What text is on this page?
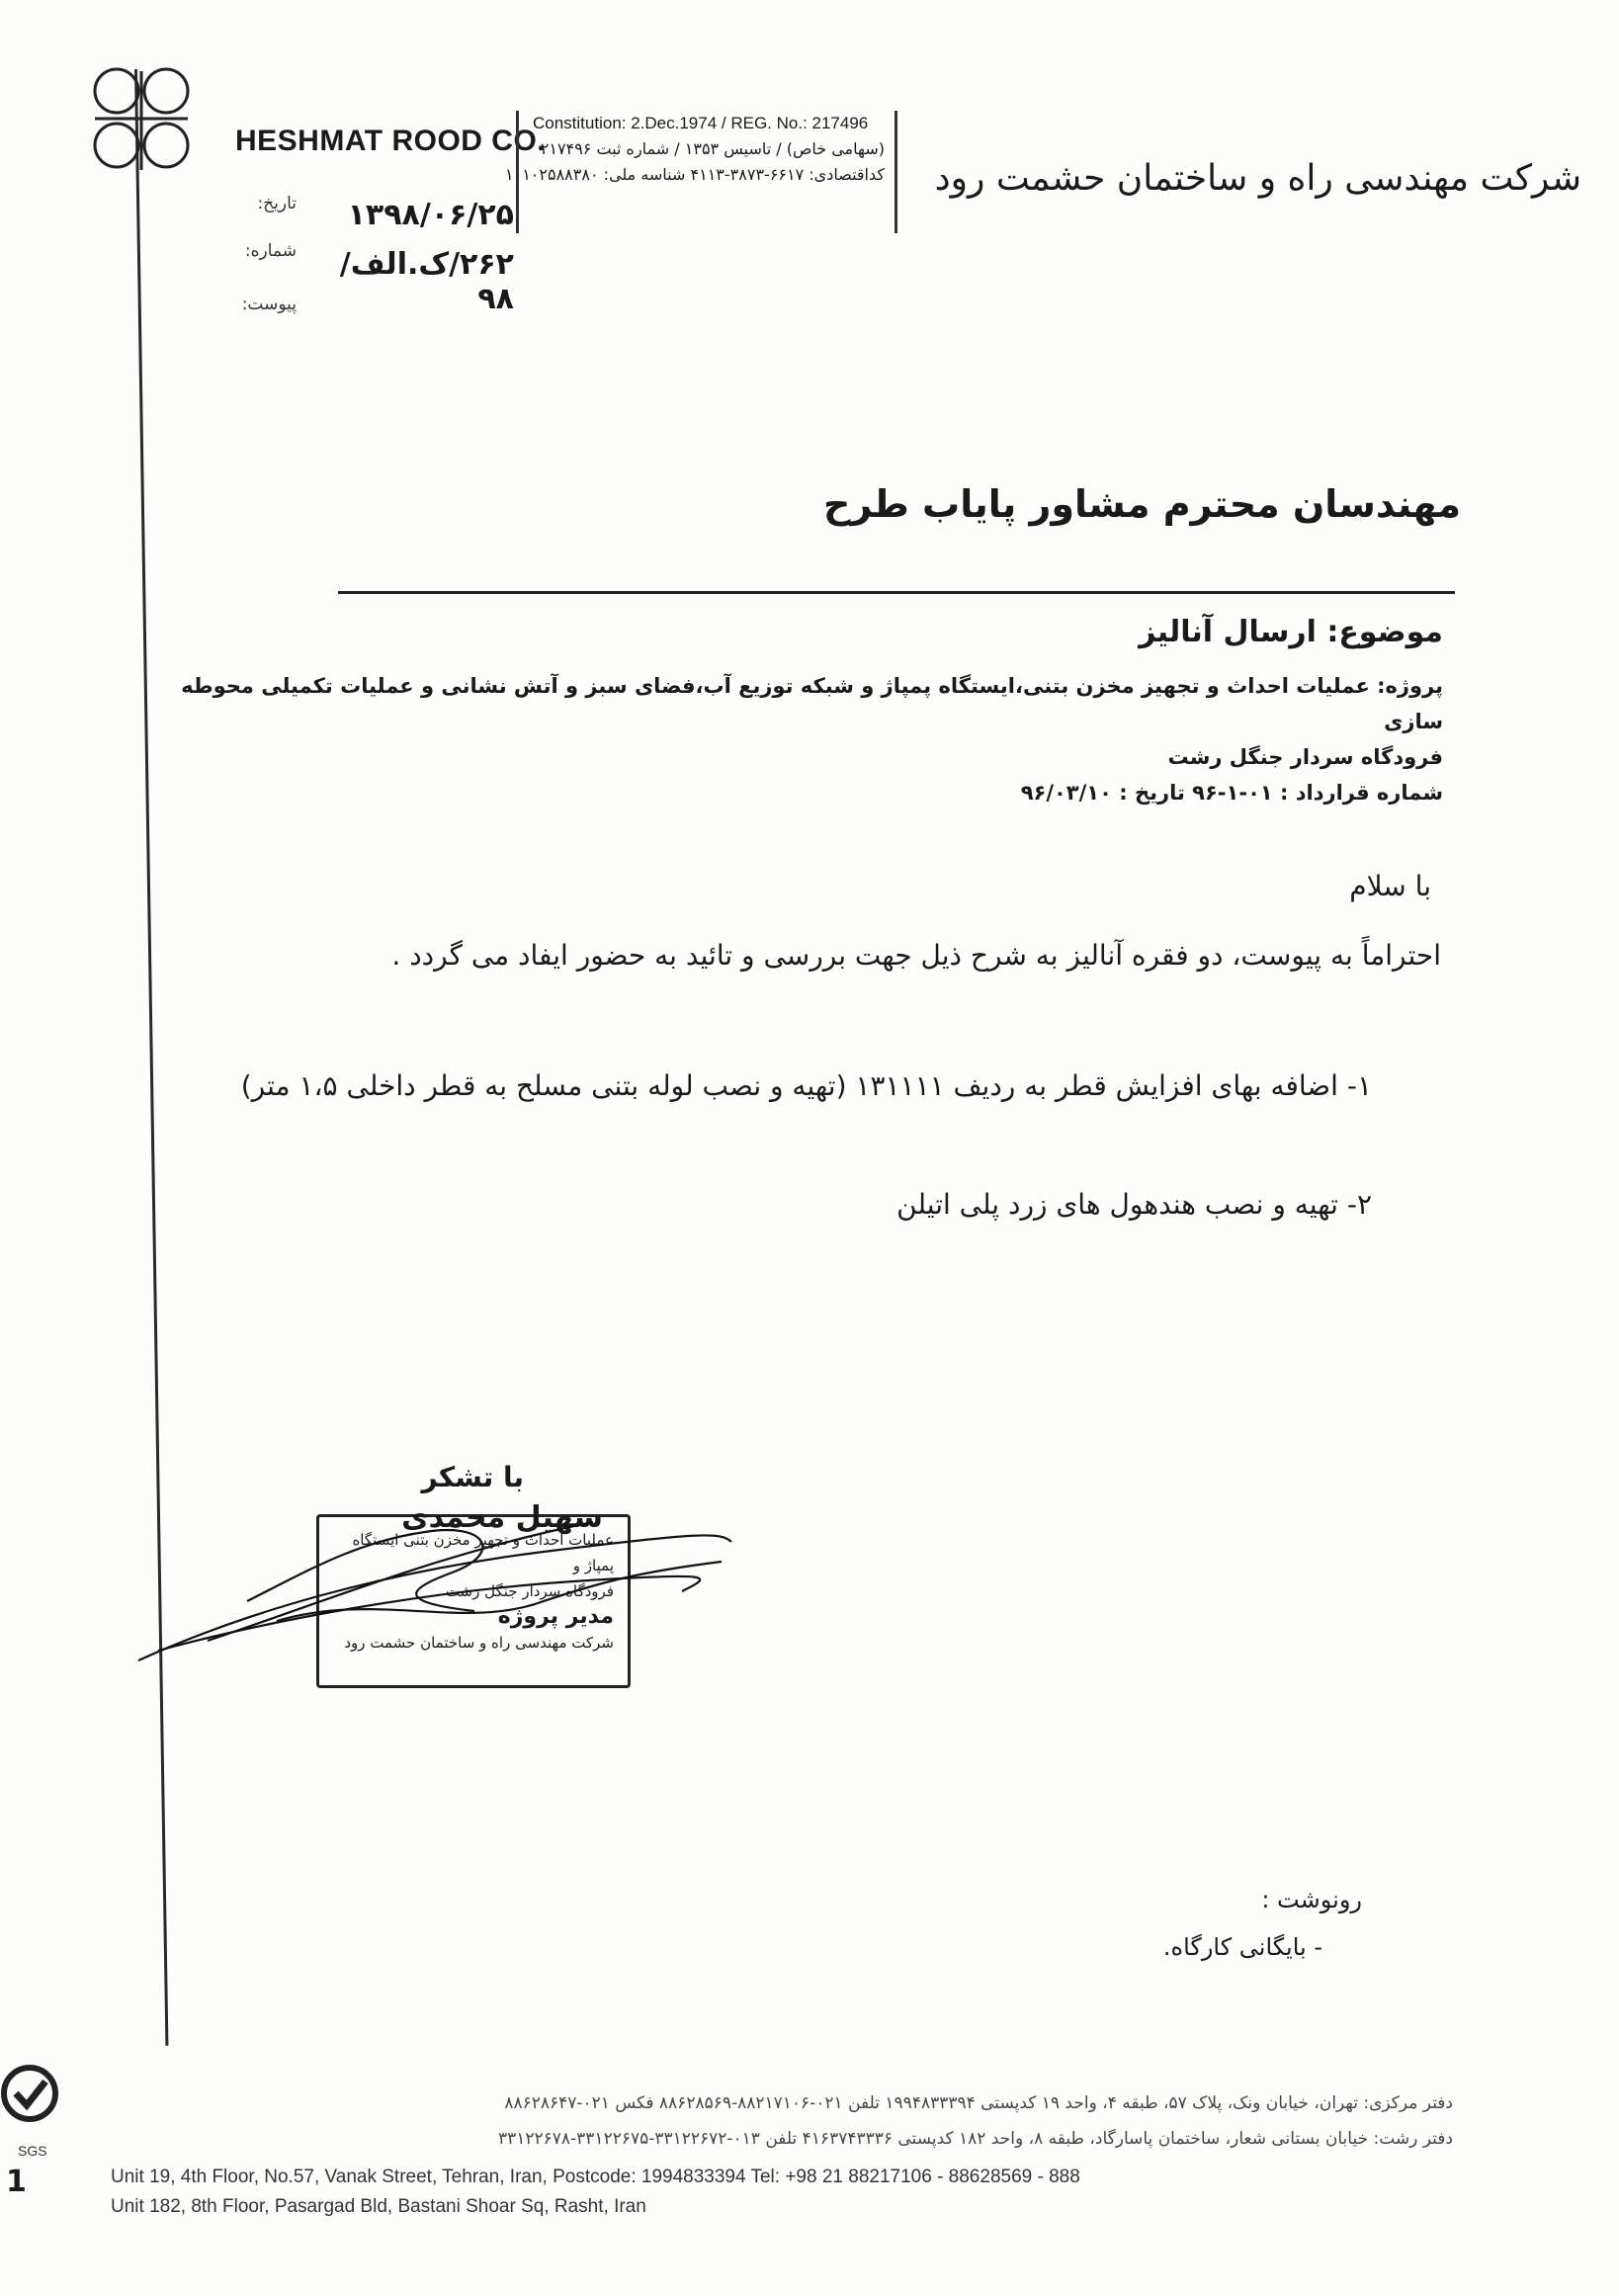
HESHMAT ROOD CO.
Constitution: 2.Dec.1974 / REG. No.: 217496
(سهامی خاص) / تاسیس ۱۳۵۳ / شماره ثبت ۲۱۷۴۹۶
کداقتصادی: ۶۶۱۷-۳۸۷۳-۴۱۱۳ شناسه ملی: ۱۰۱۰۲۵۸۸۳۸۰	شرکت مهندسی راه و ساختمان حشمت رود
تاریخ:	۱۳۹۸/۰۶/۲۵
شماره:	۲۶۲/ک.الف/۹۸
پیوست:
مهندسان محترم مشاور پایاب طرح
موضوع: ارسال آنالیز
پروژه: عملیات احداث و تجهیز مخزن بتنی،ایستگاه پمپاژ و شبکه توزیع آب،فضای سبز و آتش نشانی و عملیات تکمیلی محوطه سازی
فرودگاه سردار جنگل رشت
شماره قرارداد : ۰۱-۱-۹۶ تاریخ : ۹۶/۰۳/۱۰
با سلام
احتراماً به پیوست، دو فقره آنالیز به شرح ذیل جهت بررسی و تائید به حضور ایفاد می گردد .
۱- اضافه بهای افزایش قطر به ردیف ۱۳۱۱۱۱ (تهیه و نصب لوله بتنی مسلح به قطر داخلی ۱،۵ متر)
۲- تهیه و نصب هندهول های زرد پلی اتیلن
با تشکر
عملیات احداث و تجهیز مخزن بتنی ایستگاه پمپاژ و
فرودگاه سردار جنگل رشت
مدیر پروژه
شرکت مهندسی راه و ساختمان حشمت رود
سهیل محمدی
رونوشت :
- بایگانی کارگاه.
SGS
1
دفتر مرکزی: تهران، خیابان ونک، پلاک ۵۷، طبقه ۴، واحد ۱۹ کدپستی ۱۹۹۴۸۳۳۳۹۴ تلفن ۰۲۱-۸۸۲۱۷۱۰۶-۸۸۶۲۸۵۶۹ فکس ۰۲۱-۸۸۶۲۸۶۴۷
دفتر رشت: خیابان بستانی شعار، ساختمان پاسارگاد، طبقه ۸، واحد ۱۸۲ کدپستی ۴۱۶۳۷۴۳۳۳۶ تلفن ۰۱۳-۳۳۱۲۲۶۷۲-۳۳۱۲۲۶۷۵-۳۳۱۲۲۶۷۸
Unit 19, 4th Floor, No.57, Vanak Street, Tehran, Iran, Postcode: 1994833394 Tel: +98 21 88217106 - 88628569 - 888
Unit 182, 8th Floor, Pasargad Bld, Bastani Shoar Sq, Rasht, Iran
